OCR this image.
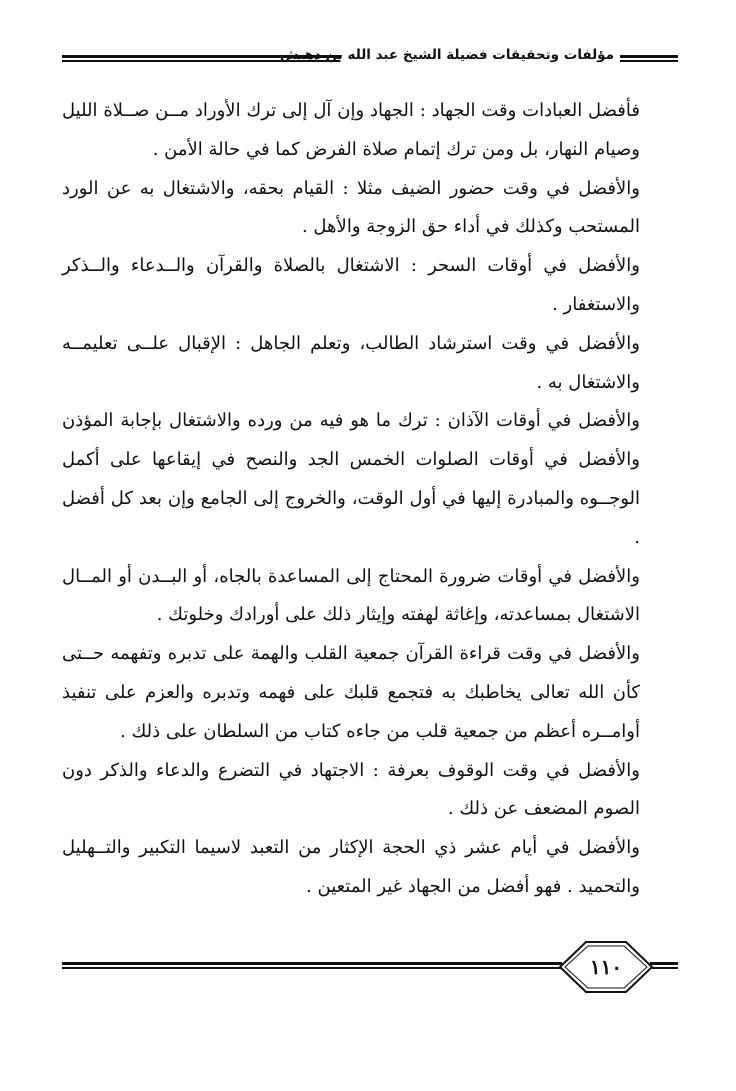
مؤلفات وتحقيقات فضيلة الشيخ عبد الله بن دهيش

فأفضل العبادات وقت الجهاد : الجهاد وإن آل إلى ترك الأوراد مــن صــلاة الليل وصيام النهار، بل ومن ترك إتمام صلاة الفرض كما في حالة الأمن .

والأفضل في وقت حضور الضيف مثلا : القيام بحقه، والاشتغال به عن الورد المستحب وكذلك في أداء حق الزوجة والأهل .

والأفضل في أوقات السحر : الاشتغال بالصلاة والقرآن والــدعاء والــذكر والاستغفار .

والأفضل في وقت استرشاد الطالب، وتعلم الجاهل : الإقبال علــى تعليمــه والاشتغال به .

والأفضل في أوقات الآذان : ترك ما هو فيه من ورده والاشتغال بإجابة المؤذن والأفضل في أوقات الصلوات الخمس الجد والنصح في إيقاعها على أكمل الوجــوه والمبادرة إليها في أول الوقت، والخروج إلى الجامع وإن بعد كل أفضل .

والأفضل في أوقات ضرورة المحتاج إلى المساعدة بالجاه، أو البــدن أو المــال الاشتغال بمساعدته، وإغاثة لهفته وإيثار ذلك على أورادك وخلوتك .

والأفضل في وقت قراءة القرآن جمعية القلب والهمة على تدبره وتفهمه حــتى كأن الله تعالى يخاطبك به فتجمع قلبك على فهمه وتدبره والعزم على تنفيذ أوامــره أعظم من جمعية قلب من جاءه كتاب من السلطان على ذلك .

والأفضل في وقت الوقوف بعرفة : الاجتهاد في التضرع والدعاء والذكر دون الصوم المضعف عن ذلك .

والأفضل في أيام عشر ذي الحجة الإكثار من التعبد لاسيما التكبير والتــهليل والتحميد . فهو أفضل من الجهاد غير المتعين .

١١٠
